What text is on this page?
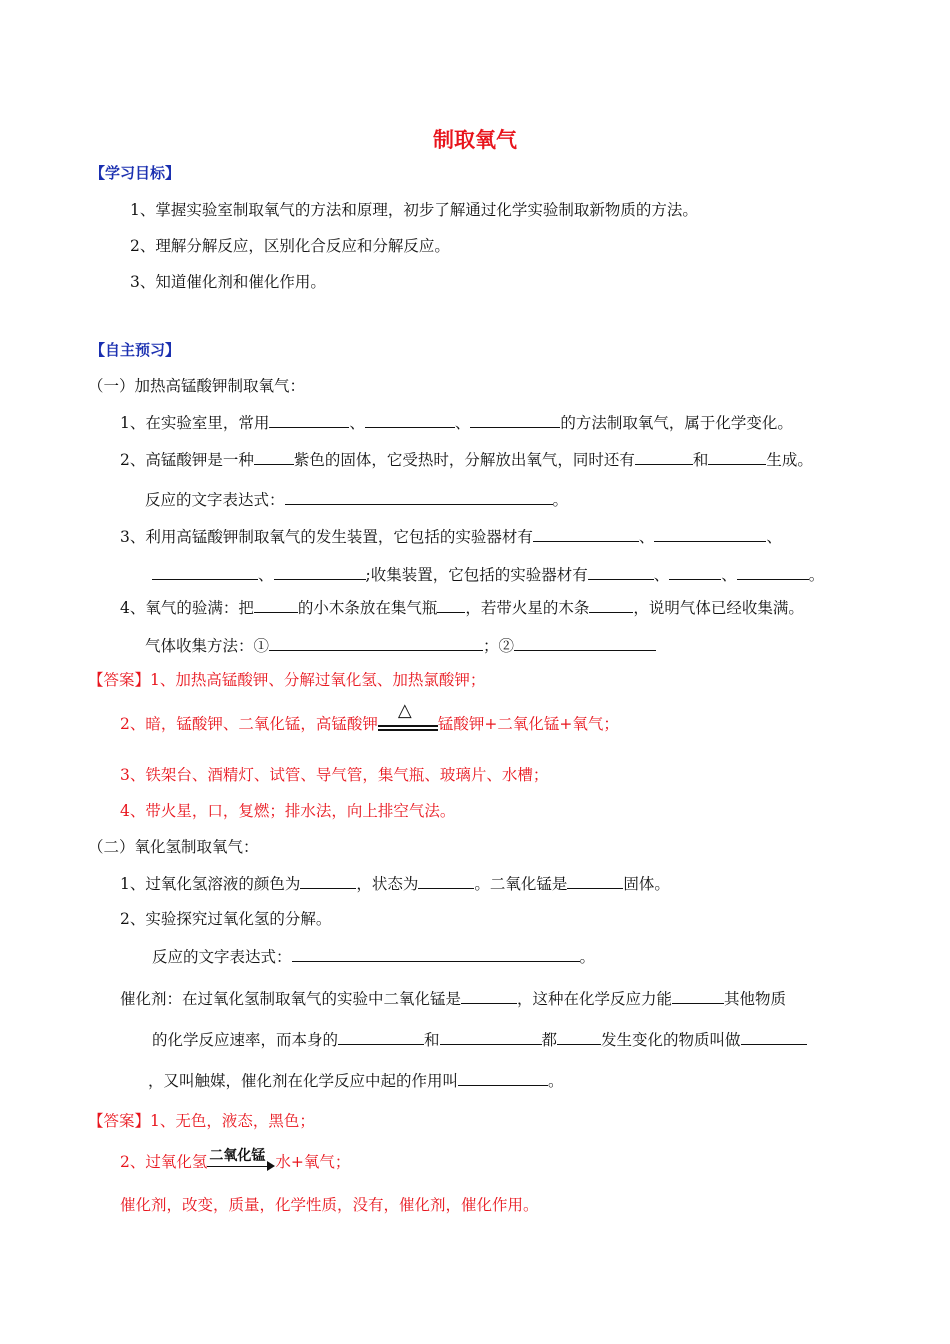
制取氧气
【学习目标】
1、掌握实验室制取氧气的方法和原理，初步了解通过化学实验制取新物质的方法。
2、理解分解反应，区别化合反应和分解反应。
3、知道催化剂和催化作用。
【自主预习】
（一）加热高锰酸钾制取氧气：
1、在实验室里，常用	、	、	的方法制取氧气，属于化学变化。
2、高锰酸钾是一种	紫色的固体，它受热时，分解放出氧气，同时还有	和	生成。
反应的文字表达式：	。
3、利用高锰酸钾制取氧气的发生装置，它包括的实验器材有	、	、
、	;收集装置，它包括的实验器材有	、	、	。
4、氧气的验满：把	的小木条放在集气瓶 ，若带火星的木条	，说明气体已经收集满。
气体收集方法：①	；②
【答案】1、加热高锰酸钾、分解过氧化氢、加热氯酸钾；
2、暗，锰酸钾、二氧化锰，高锰酸钾
△
锰酸钾+二氧化锰+氧气；
3、铁架台、酒精灯、试管、导气管，集气瓶、玻璃片、水槽；
4、带火星，口，复燃；排水法，向上排空气法。
（二）氧化氢制取氧气：
1、过氧化氢溶液的颜色为	，状态为	。二氧化锰是	固体。
2、实验探究过氧化氢的分解。
反应的文字表达式：	。
催化剂：在过氧化氢制取氧气的实验中二氧化锰是	，这种在化学反应力能	其他物质
的化学反应速率，而本身的	和	都	发生变化的物质叫做
，又叫触媒，催化剂在化学反应中起的作用叫	。
【答案】1、无色，液态，黑色；
2、过氧化氢 二氧化锰 水+氧气；
催化剂，改变，质量，化学性质，没有，催化剂，催化作用。
